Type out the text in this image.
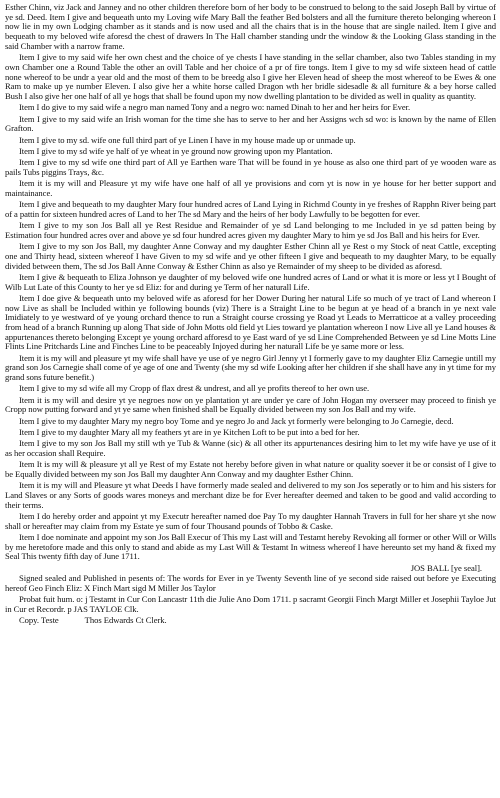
Esther Chinn, viz Jack and Janney and no other children therefore born of her body to be construed to belong to the said Joseph Ball by virtue of ye sd. Deed. Item I give and bequeath unto my Loving wife Mary Ball the feather Bed bolsters and all the furniture thereto belonging whereon I now lie in my own Lodging chamber as it stands and is now used and all the chairs that is in the house that are single nailed. Item I give and bequeath to my beloved wife aforesd the chest of drawers In The Hall chamber standing undr the window & the Looking Glass standing in the said Chamber with a narrow frame.

Item I give to my said wife her own chest and the choice of ye chests I have standing in the sellar chamber, also two Tables standing in my own Chamber one a Round Table the other an ovill Table and her choice of a pr of fire tongs. Item I give to my sd wife sixteen head of cattle none whereof to be undr a year old and the most of them to be breedg also I give her Eleven head of sheep the most whereof to be Ewes & one Ram to make up ye number Eleven. I also give her a white horse called Dragon wth her bridle sidesadle & all furniture & a bey horse called Bush I also give her one half of all ye hogs that shall be found upon my now dwelling plantation to be divided as well in quality as quantity.

Item I do give to my said wife a negro man named Tony and a negro wo: named Dinah to her and her heirs for Ever.

Item I give to my said wife an Irish woman for the time she has to serve to her and her Assigns wch sd wo: is known by the name of Ellen Grafton.

Item I give to my sd. wife one full third part of ye Linen I have in my house made up or unmade up.

Item I give to my sd wife ye half of ye wheat in ye ground now growing upon my Plantation.

Item I give to my sd wife one third part of All ye Earthen ware That will be found in ye house as also one third part of ye wooden ware as pails Tubs piggins Trays, &c.

Item it is my will and Pleasure yt my wife have one half of all ye provisions and corn yt is now in ye house for her better support and maintainance.

Item I give and bequeath to my daughter Mary four hundred acres of Land Lying in Richmd County in ye freshes of Rapphn River being part of a pattin for sixteen hundred acres of Land to her The sd Mary and the heirs of her body Lawfully to be begotten for ever.

Item I give to my son Jos Ball all ye Rest Residue and Remainder of ye sd Land belonging to me Included in ye sd patten being by Estimation four hundred acres over and above ye sd four hundred acres given my daughter Mary to him ye sd Jos Ball and his heirs for Ever.

Item I give to my son Jos Ball, my daughter Anne Conway and my daughter Esther Chinn all ye Rest o my Stock of neat Cattle, excepting one and Thirty head, sixteen whereof I have Given to my sd wife and ye other fifteen I give and bequeath to my daughter Mary, to be equally divided between them, The sd Jos Ball Anne Conway & Esther Chinn as also ye Remainder of my sheep to be divided as aforesd.

Item I give & bequeath to Eliza Johnson ye daughter of my beloved wife one hundred acres of Land or what it is more or less yt I Bought of Wilb Lut Late of this County to her ye sd Eliz: for and during ye Term of her naturall Life.

Item I doe give & bequeath unto my beloved wife as aforesd for her Dower During her natural Life so much of ye tract of Land whereon I now Live as shall be Included within ye following bounds (viz) There is a Straight Line to be begun at ye head of a branch in ye next vale Imidiately to ye westward of ye young orchard thence to run a Straight course crossing ye Road yt Leads to Merratticoe at a valley proceeding from head of a branch Running up along That side of John Motts old field yt Lies toward ye plantation whereon I now Live all ye Land houses & appurtenances thereto belonging Except ye young orchard afforesd to ye East ward of ye sd Line Comprehended Between ye sd Line Motts Line Flints Line Pritchards Line and Finches Line to be peaceably Injoyed during her naturall Life be ye same more or less.

Item it is my will and pleasure yt my wife shall have ye use of ye negro Girl Jenny yt I formerly gave to my daughter Eliz Carnegie untill my grand son Jos Carnegie shall come of ye age of one and Twenty (she my sd wife Looking after her children if she shall have any in yt time for my grand sons future benefit.)

Item I give to my sd wife all my Cropp of flax drest & undrest, and all ye profits thereof to her own use.

Item it is my will and desire yt ye negroes now on ye plantation yt are under ye care of John Hogan my overseer may proceed to finish ye Cropp now putting forward and yt ye same when finished shall be Equally divided between my son Jos Ball and my wife.

Item I give to my daughter Mary my negro boy Tome and ye negro Jo and Jack yt formerly were belonging to Jo Carnegie, decd.

Item I give to my daughter Mary all my feathers yt are in ye Kitchen Loft to be put into a bed for her.

Item I give to my son Jos Ball my still wth ye Tub & Wanne (sic) & all other its appurtenances desiring him to let my wife have ye use of it as her occasion shall Require.

Item It is my will & pleasure yt all ye Rest of my Estate not hereby before given in what nature or quality soever it be or consist of I give to be Equally divided between my son Jos Ball my daughter Ann Conway and my daughter Esther Chinn.

Item it is my will and Pleasure yt what Deeds I have formerly made sealed and delivered to my son Jos seperatly or to him and his sisters for Land Slaves or any Sorts of goods wares moneys and merchant dize be for Ever hereafter deemed and taken to be good and valid according to their terms.

Item I do hereby order and appoint yt my Executr hereafter named doe Pay To my daughter Hannah Travers in full for her share yt she now shall or hereafter may claim from my Estate ye sum of four Thousand pounds of Tobbo & Caske.

Item I doe nominate and appoint my son Jos Ball Execur of This my Last will and Testamt hereby Revoking all former or other Will or Wills by me heretofore made and this only to stand and abide as my Last Will & Testamt In witness whereof I have hereunto set my hand & fixed my Seal This twenty fifth day of June 1711.

JOS BALL [ye seal].

Signed sealed and Published in pesents of: The words for Ever in ye Twenty Seventh line of ye second side raised out before ye Executing hereof Geo Finch Eliz: X Finch Mart sigd M Miller Jos Taylor

Probat fuit hum. o: j Testamt in Cur Con Lancastr 11th die Julie Ano Dom 1711. p sacramt Georgii Finch Margt Miller et Josephii Tayloe Jut in Cur et Recordr. p JAS TAYLOE Clk.

Copy. Teste	Thos Edwards Ct Clerk.
